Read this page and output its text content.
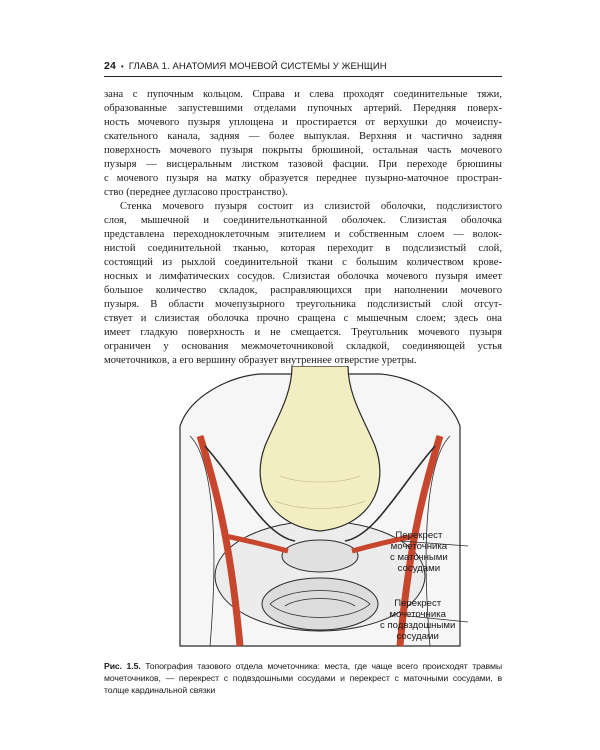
24 • ГЛАВА 1. АНАТОМИЯ МОЧЕВОЙ СИСТЕМЫ У ЖЕНЩИН

зана с пупочным кольцом. Справа и слева проходят соединительные тяжи,

образованные запустевшими отделами пупочных артерий. Передняя поверх-

ность мочевого пузыря уплощена и простирается от верхушки до мочеиспу-

скательного канала, задняя — более выпуклая. Верхняя и частично задняя

поверхность мочевого пузыря покрыты брюшиной, остальная часть мочевого

пузыря — висцеральным листком тазовой фасции. При переходе брюшины

с мочевого пузыря на матку образуется переднее пузырно-маточное простран-

ство (переднее дугласово пространство).

Стенка мочевого пузыря состоит из слизистой оболочки, подслизистого

слоя, мышечной и соединительнотканной оболочек. Слизистая оболочка

представлена переходноклеточным эпителием и собственным слоем — волок-

нистой соединительной тканью, которая переходит в подслизистый слой,

состоящий из рыхлой соединительной ткани с большим количеством кровe-

носных и лимфатических сосудов. Слизистая оболочка мочевого пузыря имеет

большое количество складок, расправляющихся при наполнении мочевого

пузыря. В области мочепузырного треугольника подслизистый слой отсут-

ствует и слизистая оболочка прочно сращена с мышечным слоем; здесь она

имеет гладкую поверхность и не смещается. Треугольник мочевого пузыря

ограничен у основания межмочеточниковой складкой, соединяющей устья

мочеточников, а его вершину образует внутреннее отверстие уретры.

Перекрест
мочеточника
с маточными
сосудами
Перекрест
мочеточника
с подвздошными
сосудами
Рис. 1.5. Топография тазового отдела мочеточника: места, где чаще всего происходят травмы мочеточников, — перекрест с подвздошными сосудами и перекрест с маточными сосудами, в толще кардинальной связки
